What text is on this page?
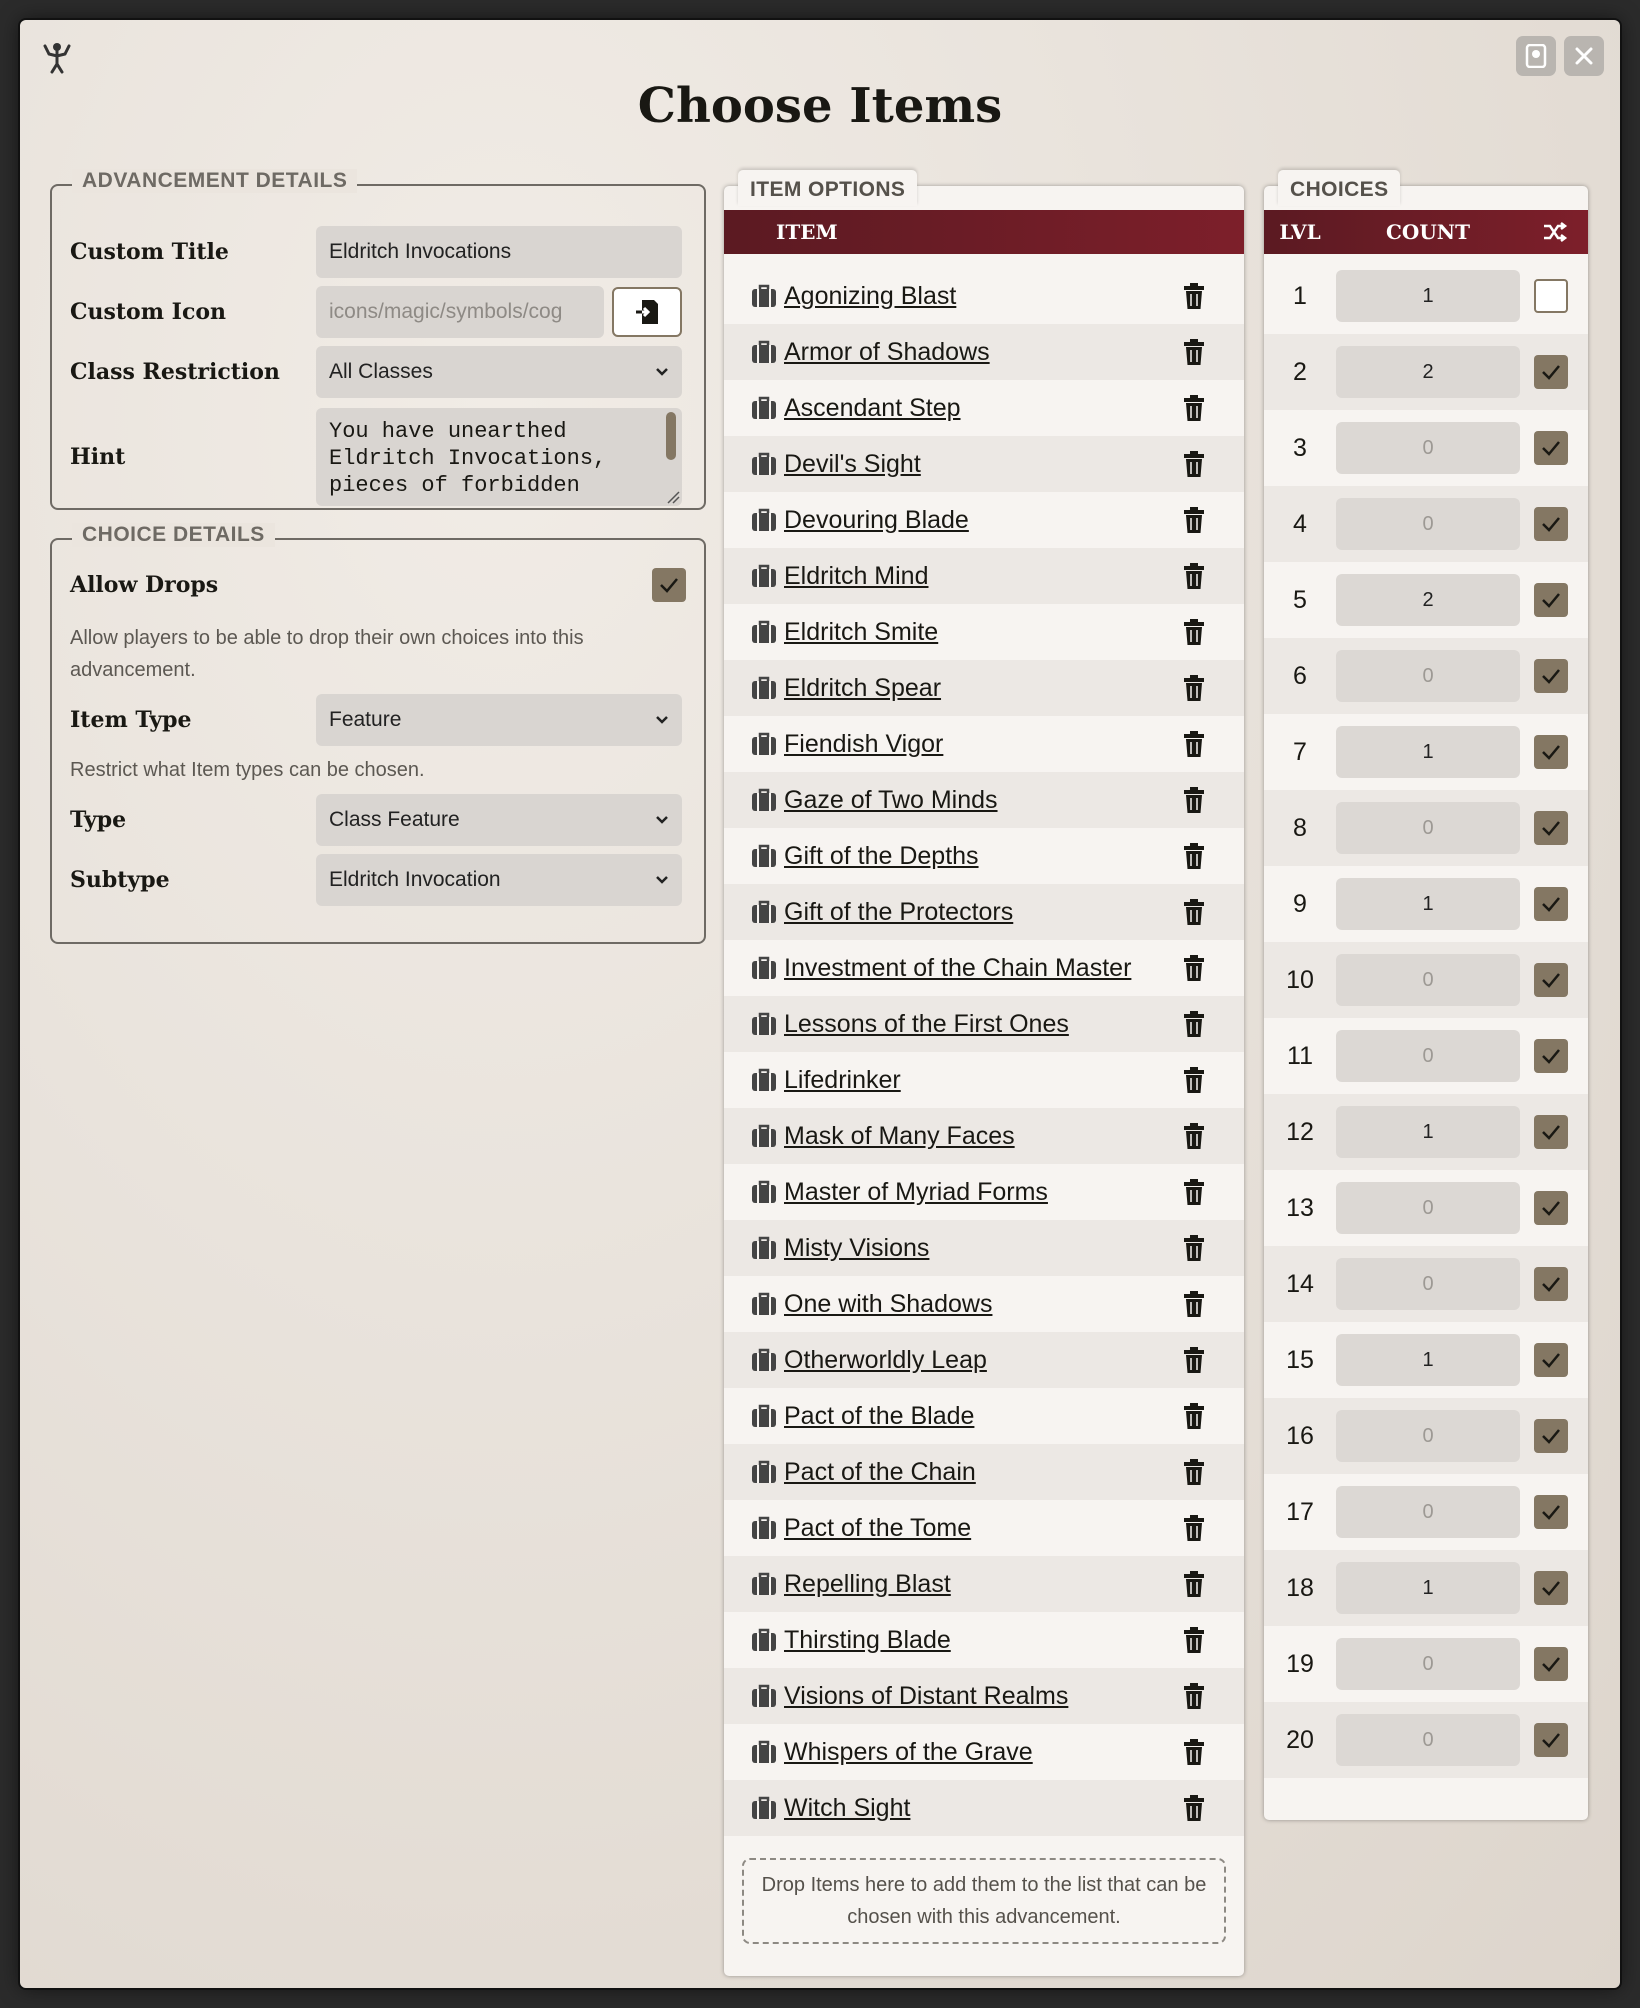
Choose Items
ADVANCEMENT DETAILS
Custom Title	Eldritch Invocations
Custom Icon	icons/magic/symbols/cog
Class Restriction	All Classes
Hint
You have unearthed Eldritch Invocations, pieces of forbidden
CHOICE DETAILS
Allow Drops
Allow players to be able to drop their own choices into this advancement.
Item Type	Feature
Restrict what Item types can be chosen.
Type	Class Feature
Subtype	Eldritch Invocation
ITEM OPTIONS
ITEM
Agonizing Blast
Armor of Shadows
Ascendant Step
Devil's Sight
Devouring Blade
Eldritch Mind
Eldritch Smite
Eldritch Spear
Fiendish Vigor
Gaze of Two Minds
Gift of the Depths
Gift of the Protectors
Investment of the Chain Master
Lessons of the First Ones
Lifedrinker
Mask of Many Faces
Master of Myriad Forms
Misty Visions
One with Shadows
Otherworldly Leap
Pact of the Blade
Pact of the Chain
Pact of the Tome
Repelling Blast
Thirsting Blade
Visions of Distant Realms
Whispers of the Grave
Witch Sight
Drop Items here to add them to the list that can be chosen with this advancement.
CHOICES
LVL	COUNT
1	1
2	2
3	0
4	0
5	2
6	0
7	1
8	0
9	1
10	0
11	0
12	1
13	0
14	0
15	1
16	0
17	0
18	1
19	0
20	0
